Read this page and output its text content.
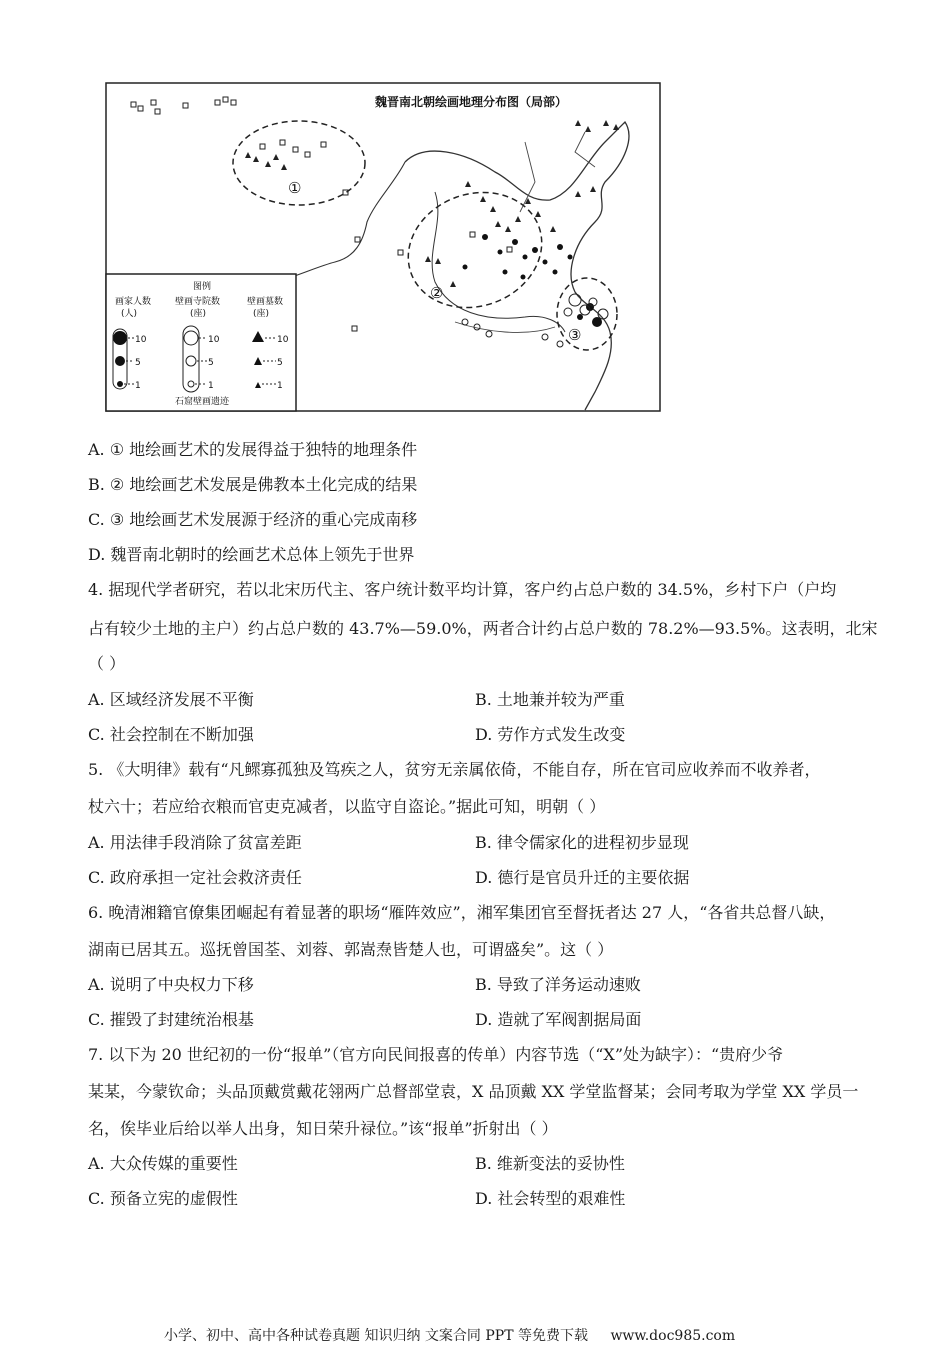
①
②
③
魏晋南北朝绘画地理分布图（局部）
图例
画家人数
(人)
壁画寺院数
(座)
壁画墓数
(座)
10
5
1
10
5
1
10
5
1
石窟壁画遗迹
A. ① 地绘画艺术的发展得益于独特的地理条件
B. ② 地绘画艺术发展是佛教本土化完成的结果
C. ③ 地绘画艺术发展源于经济的重心完成南移
D. 魏晋南北朝时的绘画艺术总体上领先于世界
4. 据现代学者研究，若以北宋历代主、客户统计数平均计算，客户约占总户数的 34.5%，乡村下户（户均
占有较少土地的主户）约占总户数的 43.7%—59.0%，两者合计约占总户数的 78.2%—93.5%。这表明，北宋
（ ）
A. 区域经济发展不平衡	B. 土地兼并较为严重
C. 社会控制在不断加强	D. 劳作方式发生改变
5. 《大明律》载有“凡鳏寡孤独及笃疾之人，贫穷无亲属依倚，不能自存，所在官司应收养而不收养者，
杖六十；若应给衣粮而官吏克减者，以监守自盗论。”据此可知，明朝（ ）
A. 用法律手段消除了贫富差距	B. 律令儒家化的进程初步显现
C. 政府承担一定社会救济责任	D. 德行是官员升迁的主要依据
6. 晚清湘籍官僚集团崛起有着显著的职场“雁阵效应”，湘军集团官至督抚者达 27 人，“各省共总督八缺，
湖南已居其五。巡抚曾国荃、刘蓉、郭嵩焘皆楚人也，可谓盛矣”。这（ ）
A. 说明了中央权力下移	B. 导致了洋务运动速败
C. 摧毁了封建统治根基	D. 造就了军阀割据局面
7. 以下为 20 世纪初的一份“报单”（官方向民间报喜的传单）内容节选（“X”处为缺字）：“贵府少爷
某某，今蒙钦命；头品顶戴赏戴花翎两广总督部堂袁，X 品顶戴 XX 学堂监督某；会同考取为学堂 XX 学员一
名，俟毕业后给以举人出身，知日荣升禄位。”该“报单”折射出（ ）
A. 大众传媒的重要性	B. 维新变法的妥协性
C. 预备立宪的虚假性	D. 社会转型的艰难性
小学、初中、高中各种试卷真题 知识归纳 文案合同 PPT 等免费下载 www.doc985.com
